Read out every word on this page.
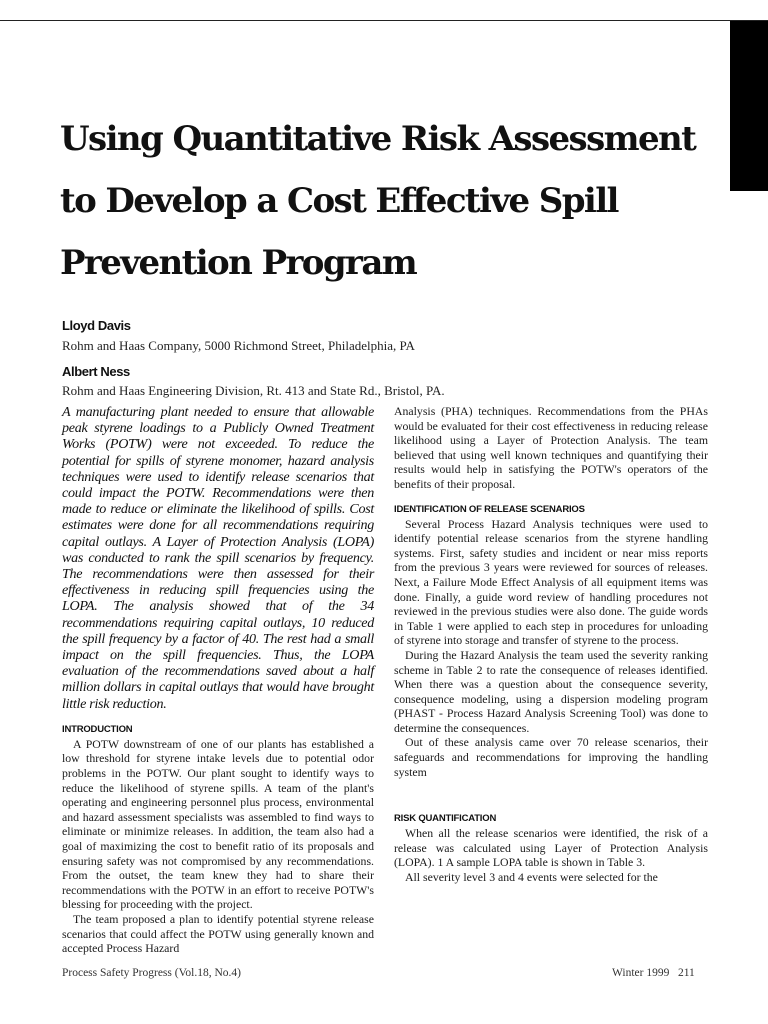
Using Quantitative Risk Assessment to Develop a Cost Effective Spill Prevention Program

Lloyd Davis

Rohm and Haas Company, 5000 Richmond Street, Philadelphia, PA

Albert Ness

Rohm and Haas Engineering Division, Rt. 413 and State Rd., Bristol, PA.

A manufacturing plant needed to ensure that allowable peak styrene loadings to a Publicly Owned Treatment Works (POTW) were not exceeded. To reduce the potential for spills of styrene monomer, hazard analysis techniques were used to identify release scenarios that could impact the POTW. Recommendations were then made to reduce or eliminate the likelihood of spills. Cost estimates were done for all recommendations requiring capital outlays. A Layer of Protection Analysis (LOPA) was conducted to rank the spill scenarios by frequency. The recommendations were then assessed for their effectiveness in reducing spill frequencies using the LOPA. The analysis showed that of the 34 recommendations requiring capital outlays, 10 reduced the spill frequency by a factor of 40. The rest had a small impact on the spill frequencies. Thus, the LOPA evaluation of the recommendations saved about a half million dollars in capital outlays that would have brought little risk reduction.

INTRODUCTION

A POTW downstream of one of our plants has established a low threshold for styrene intake levels due to potential odor problems in the POTW. Our plant sought to identify ways to reduce the likelihood of styrene spills. A team of the plant's operating and engineering personnel plus process, environmental and hazard assessment specialists was assembled to find ways to eliminate or minimize releases. In addition, the team also had a goal of maximizing the cost to benefit ratio of its proposals and ensuring safety was not compromised by any recommendations. From the outset, the team knew they had to share their recommendations with the POTW in an effort to receive POTW's blessing for proceeding with the project.

The team proposed a plan to identify potential styrene release scenarios that could affect the POTW using generally known and accepted Process Hazard

Analysis (PHA) techniques. Recommendations from the PHAs would be evaluated for their cost effectiveness in reducing release likelihood using a Layer of Protection Analysis. The team believed that using well known techniques and quantifying their results would help in satisfying the POTW's operators of the benefits of their proposal.

IDENTIFICATION OF RELEASE SCENARIOS

Several Process Hazard Analysis techniques were used to identify potential release scenarios from the styrene handling systems. First, safety studies and incident or near miss reports from the previous 3 years were reviewed for sources of releases. Next, a Failure Mode Effect Analysis of all equipment items was done. Finally, a guide word review of handling procedures not reviewed in the previous studies were also done. The guide words in Table 1 were applied to each step in procedures for unloading of styrene into storage and transfer of styrene to the process.

During the Hazard Analysis the team used the severity ranking scheme in Table 2 to rate the consequence of releases identified. When there was a question about the consequence severity, consequence modeling, using a dispersion modeling program (PHAST - Process Hazard Analysis Screening Tool) was done to determine the consequences.

Out of these analysis came over 70 release scenarios, their safeguards and recommendations for improving the handling system

RISK QUANTIFICATION

When all the release scenarios were identified, the risk of a release was calculated using Layer of Protection Analysis (LOPA). 1 A sample LOPA table is shown in Table 3.

All severity level 3 and 4 events were selected for the

Process Safety Progress (Vol.18, No.4)	Winter 1999 211
